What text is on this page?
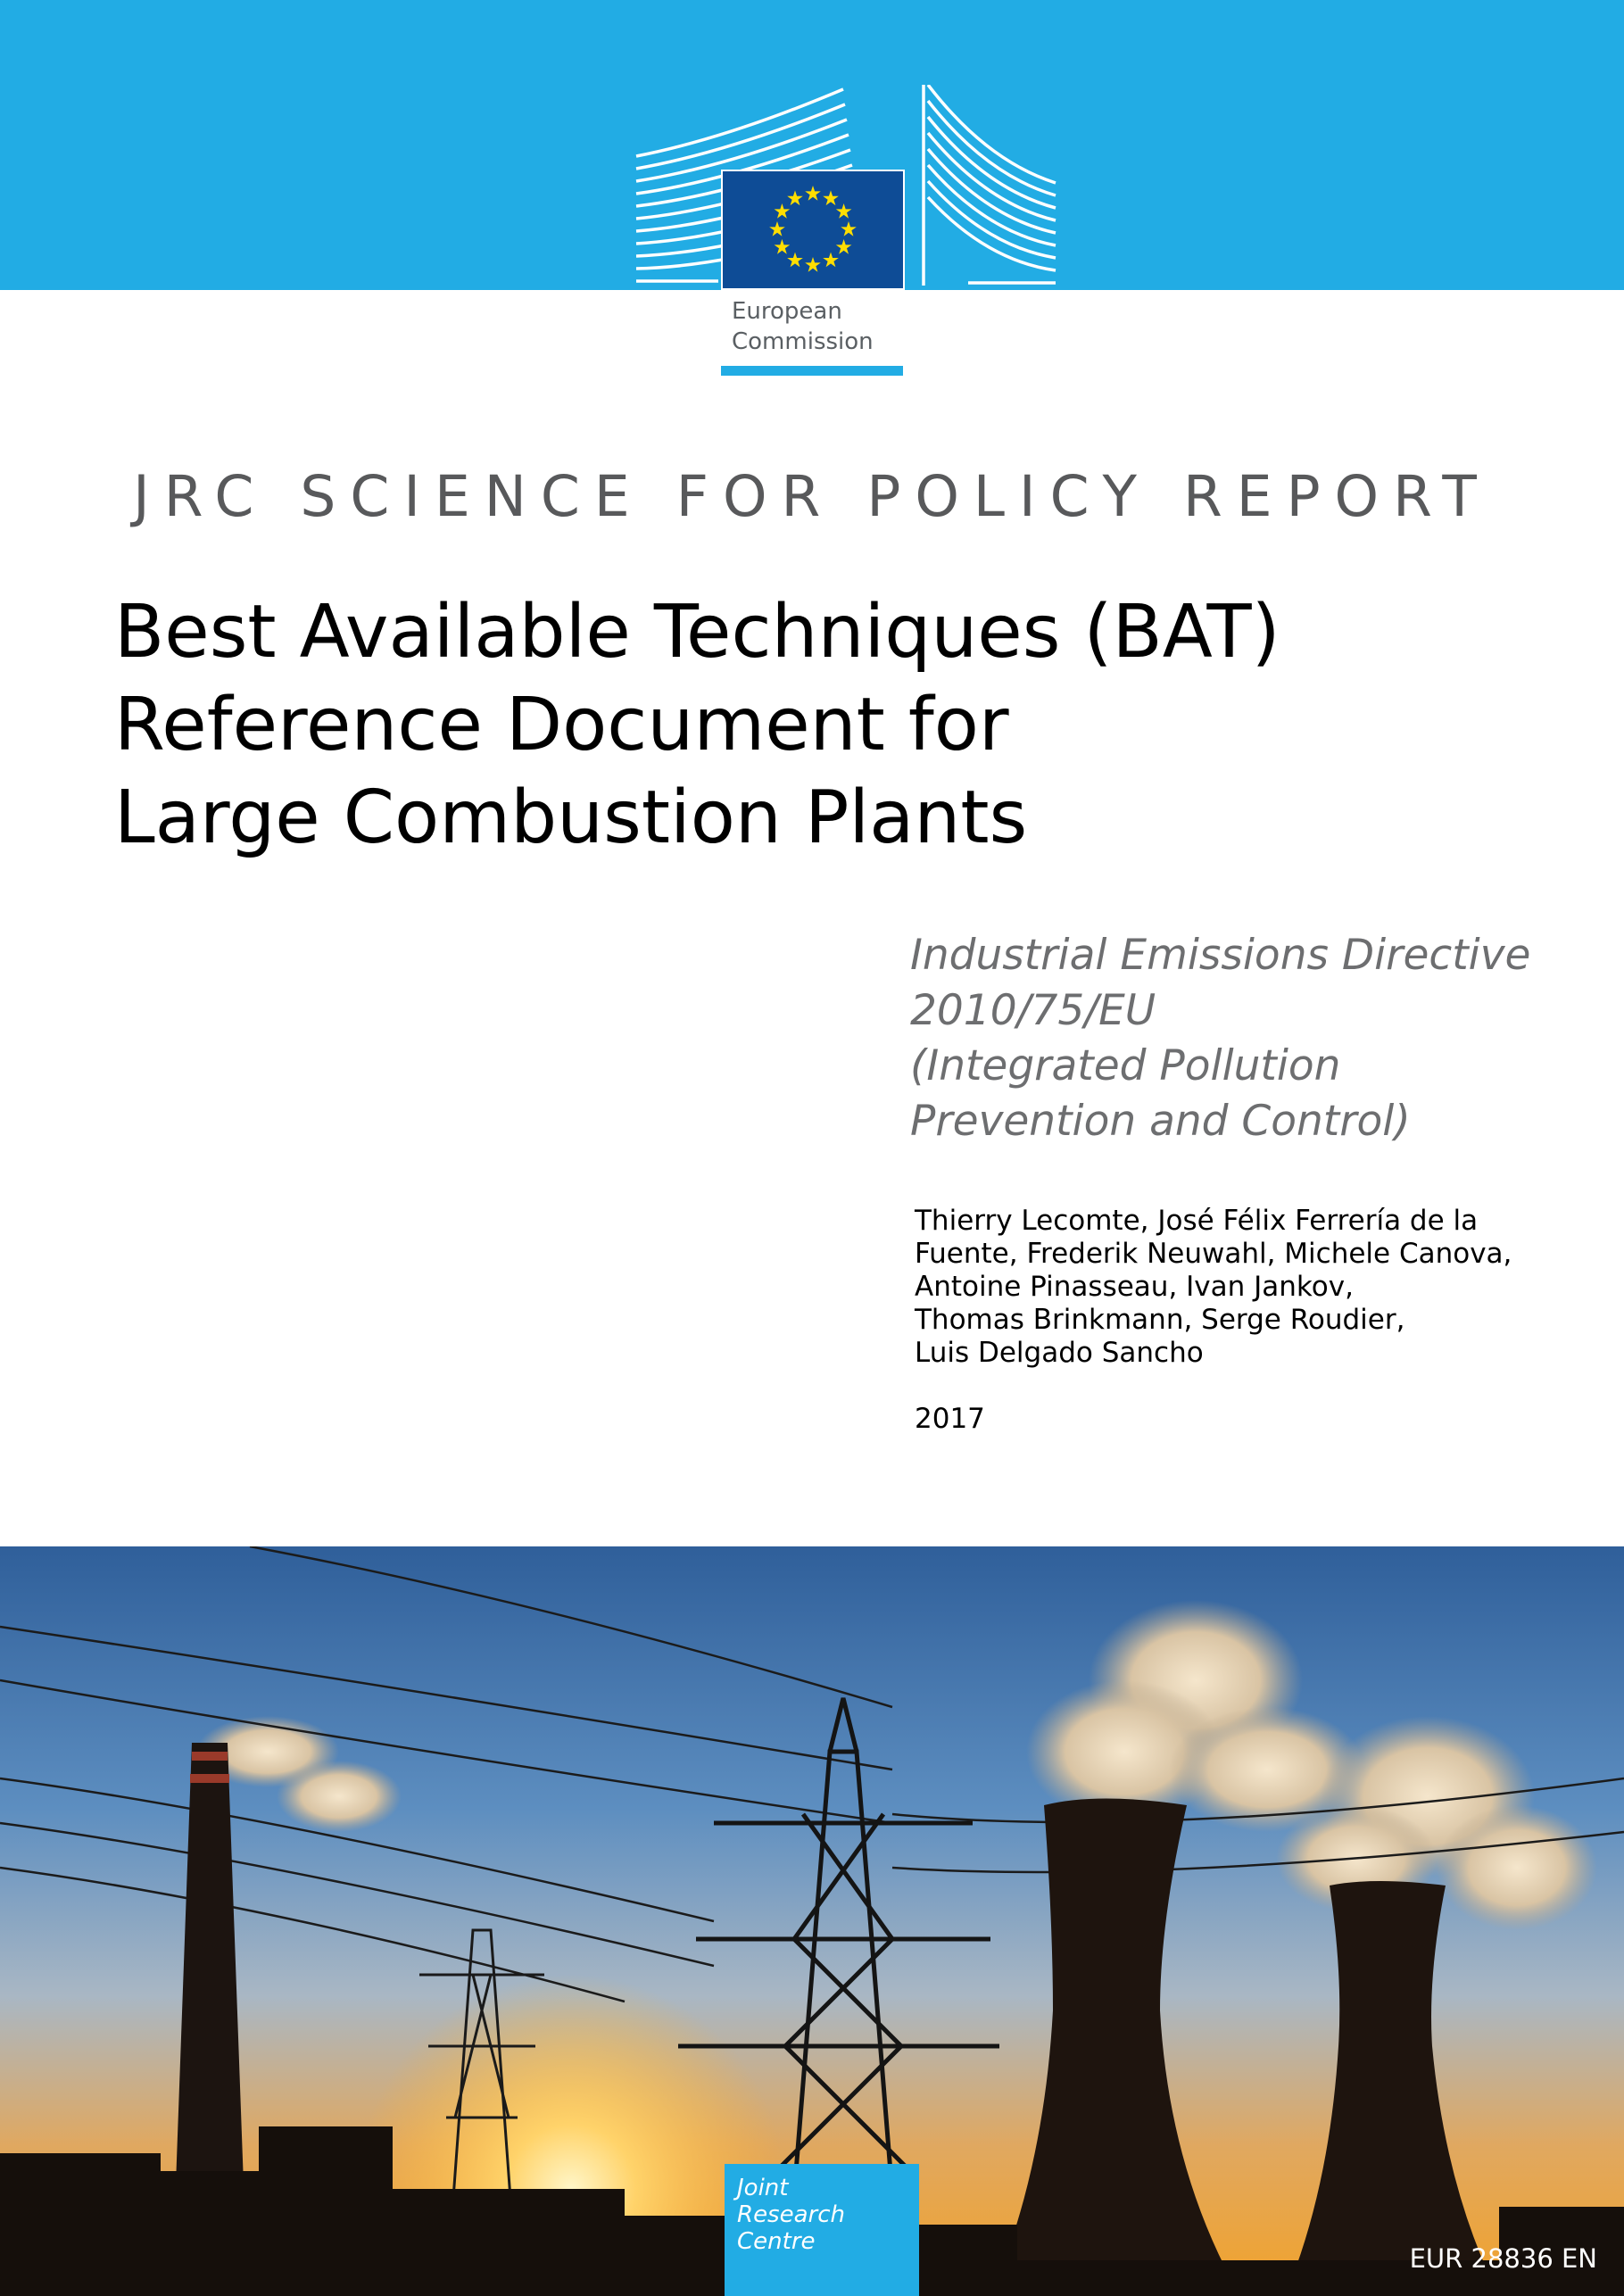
European
Commission
JRC SCIENCE FOR POLICY REPORT
Best Available Techniques (BAT)
Reference Document for
Large Combustion Plants
Industrial Emissions Directive
2010/75/EU
(Integrated Pollution
Prevention and Control)
Thierry Lecomte, José Félix Ferrería de la
Fuente, Frederik Neuwahl, Michele Canova,
Antoine Pinasseau, Ivan Jankov,
Thomas Brinkmann, Serge Roudier,
Luis Delgado Sancho
2017
Joint
Research
Centre
EUR 28836 EN
